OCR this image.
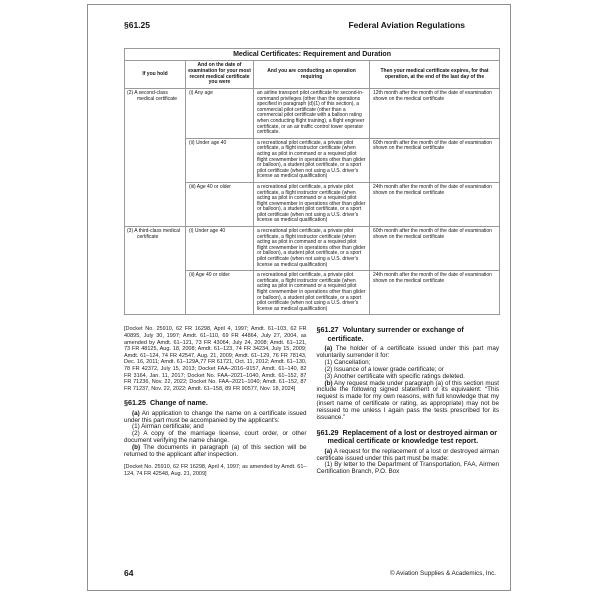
§61.25	Federal Aviation Regulations
Medical Certificates: Requirement and Duration			
If you hold	And on the date of examination for your most recent medical certificate you were	And you are conducting an operation requiring	Then your medical certificate expires, for that operation, at the end of the last day of the
(2) A second-class medical certificate	(i) Any age	an airline transport pilot certificate for second-in-command privileges (other than the operations specified in paragraph (d)(1) of this section), a commercial pilot certificate (other than a commercial pilot certificate with a balloon rating when conducting flight training), a flight engineer certificate, or an air traffic control tower operator certificate.	12th month after the month of the date of examination shown on the medical certificate
	(ii) Under age 40	a recreational pilot certificate, a private pilot certificate, a flight instructor certificate (when acting as pilot in command or a required pilot flight crewmember in operations other than glider or balloon), a student pilot certificate, or a sport pilot certificate (when not using a U.S. driver's license as medical qualification)	60th month after the month of the date of examination shown on the medical certificate
	(iii) Age 40 or older	a recreational pilot certificate, a private pilot certificate, a flight instructor certificate (when acting as pilot in command or a required pilot flight crewmember in operations other than glider or balloon), a student pilot certificate, or a sport pilot certificate (when not using a U.S. driver's license as medical qualification)	24th month after the month of the date of examination shown on the medical certificate
(3) A third-class medical certificate	(i) Under age 40	a recreational pilot certificate, a private pilot certificate, a flight instructor certificate (when acting as pilot in command or a required pilot flight crewmember in operations other than glider or balloon), a student pilot certificate, or a sport pilot certificate (when not using a U.S. driver's license as medical qualification)	60th month after the month of the date of examination shown on the medical certificate
	(ii) Age 40 or older	a recreational pilot certificate, a private pilot certificate, a flight instructor certificate (when acting as pilot in command or a required pilot flight crewmember in operations other than glider or balloon), a student pilot certificate, or a sport pilot certificate (when not using a U.S. driver's license as medical qualification)	24th month after the month of the date of examination shown on the medical certificate

[Docket No. 25910, 62 FR 16298, April 4, 1997; Amdt. 61–103, 62 FR 40895, July 30, 1997; Amdt. 61–110, 69 FR 44864, July 27, 2004, as amended by Amdt. 61–121, 73 FR 43064, July 24, 2008; Amdt. 61–121, 73 FR 48125, Aug. 18, 2008; Amdt. 61–123, 74 FR 34234, July 15, 2009; Amdt. 61–124, 74 FR 42547, Aug. 21, 2009; Amdt. 61–129, 76 FR 78143, Dec. 16, 2011; Amdt. 61–129A,77 FR 61721, Oct. 11, 2012; Amdt. 61–130, 78 FR 42372, July 15, 2013; Docket FAA–2016–9157, Amdt. 61–140, 82 FR 3164, Jan. 11, 2017; Docket No. FAA–2021–1040, Amdt. 61–152, 87 FR 71236, Nov. 22, 2022; Docket No. FAA–2021–1040; Amdt. 61–152, 87 FR 71237, Nov. 22, 2022; Amdt. 61–158, 89 FR 90577, Nov. 18, 2024]

§61.25  Change of name.

(a) An application to change the name on a certificate issued under this part must be accompanied by the applicant's:

(1) Airman certificate; and

(2) A copy of the marriage license, court order, or other document verifying the name change.

(b) The documents in paragraph (a) of this section will be returned to the applicant after inspection.

[Docket No. 25910, 62 FR 16298, April 4, 1997; as amended by Amdt. 61–124, 74 FR 42548, Aug. 21, 2009]

§61.27  Voluntary surrender or exchange of certificate.

(a) The holder of a certificate issued under this part may voluntarily surrender it for:

(1) Cancellation;

(2) Issuance of a lower grade certificate; or

(3) Another certificate with specific ratings deleted.

(b) Any request made under paragraph (a) of this section must include the following signed statement or its equivalent: “This request is made for my own reasons, with full knowledge that my (insert name of certificate or rating, as appropriate) may not be reissued to me unless I again pass the tests prescribed for its issuance.”

§61.29  Replacement of a lost or destroyed airman or medical certificate or knowledge test report.

(a) A request for the replacement of a lost or destroyed airman certificate issued under this part must be made:

(1) By letter to the Department of Transportation, FAA, Airmen Certification Branch, P.O. Box

64	© Aviation Supplies & Academics, Inc.
